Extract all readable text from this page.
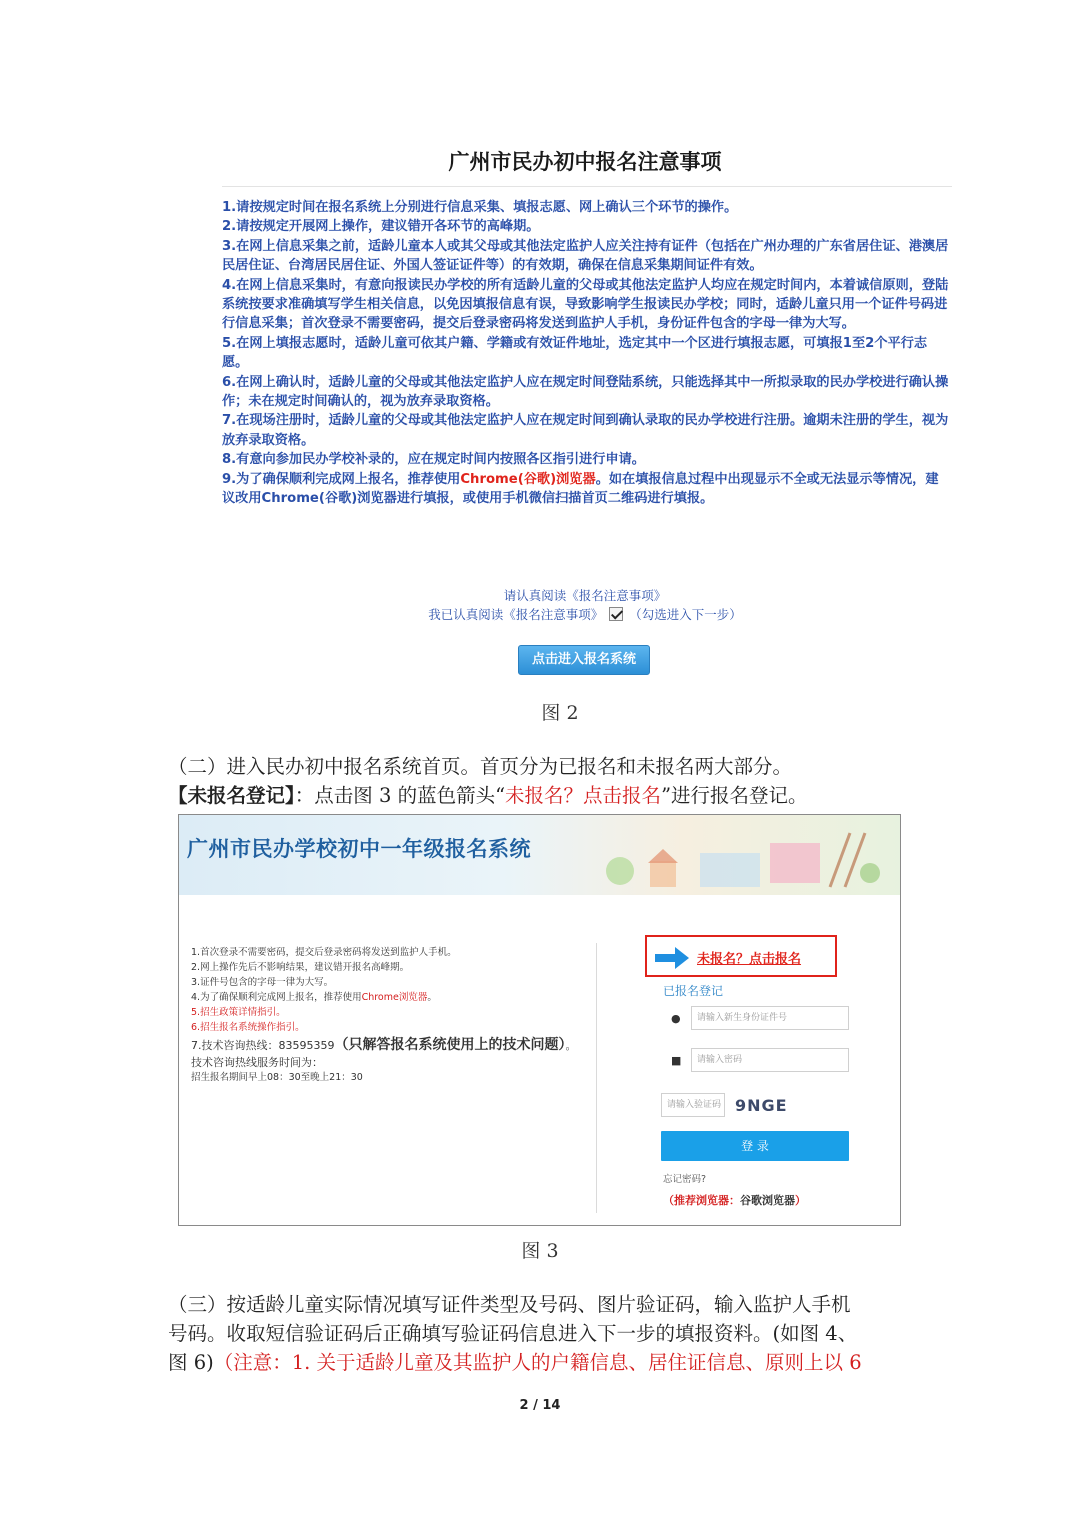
广州市民办初中报名注意事项
1.请按规定时间在报名系统上分别进行信息采集、填报志愿、网上确认三个环节的操作。
2.请按规定开展网上操作，建议错开各环节的高峰期。
3.在网上信息采集之前，适龄儿童本人或其父母或其他法定监护人应关注持有证件（包括在广州办理的广东省居住证、港澳居民居住证、台湾居民居住证、外国人签证证件等）的有效期，确保在信息采集期间证件有效。
4.在网上信息采集时，有意向报读民办学校的所有适龄儿童的父母或其他法定监护人均应在规定时间内，本着诚信原则，登陆系统按要求准确填写学生相关信息，以免因填报信息有误，导致影响学生报读民办学校；同时，适龄儿童只用一个证件号码进行信息采集；首次登录不需要密码，提交后登录密码将发送到监护人手机，身份证件包含的字母一律为大写。
5.在网上填报志愿时，适龄儿童可依其户籍、学籍或有效证件地址，选定其中一个区进行填报志愿，可填报1至2个平行志愿。
6.在网上确认时，适龄儿童的父母或其他法定监护人应在规定时间登陆系统，只能选择其中一所拟录取的民办学校进行确认操作；未在规定时间确认的，视为放弃录取资格。
7.在现场注册时，适龄儿童的父母或其他法定监护人应在规定时间到确认录取的民办学校进行注册。逾期未注册的学生，视为放弃录取资格。
8.有意向参加民办学校补录的，应在规定时间内按照各区指引进行申请。
9.为了确保顺利完成网上报名，推荐使用Chrome(谷歌)浏览器。如在填报信息过程中出现显示不全或无法显示等情况，建议改用Chrome(谷歌)浏览器进行填报，或使用手机微信扫描首页二维码进行填报。
请认真阅读《报名注意事项》
我已认真阅读《报名注意事项》 （勾选进入下一步）
点击进入报名系统
图 2
（二）进入民办初中报名系统首页。首页分为已报名和未报名两大部分。
【未报名登记】：点击图 3 的蓝色箭头“未报名？点击报名”进行报名登记。
广州市民办学校初中一年级报名系统
1.首次登录不需要密码，提交后登录密码将发送到监护人手机。
2.网上操作先后不影响结果，建议错开报名高峰期。
3.证件号包含的字母一律为大写。
4.为了确保顺利完成网上报名，推荐使用Chrome浏览器。
5.招生政策详情指引。
6.招生报名系统操作指引。
7.技术咨询热线：83595359（只解答报名系统使用上的技术问题）。
技术咨询热线服务时间为：
招生报名期间早上08：30至晚上21：30
未报名？点击报名
已报名登记
●	请输入新生身份证件号
■	请输入密码
请输入验证码 9NGE
登 录
忘记密码?
（推荐浏览器：谷歌浏览器）
图 3
（三）按适龄儿童实际情况填写证件类型及号码、图片验证码，输入监护人手机
号码。收取短信验证码后正确填写验证码信息进入下一步的填报资料。(如图 4、
图 6)（注意：1. 关于适龄儿童及其监护人的户籍信息、居住证信息、原则上以 6
2 / 14
